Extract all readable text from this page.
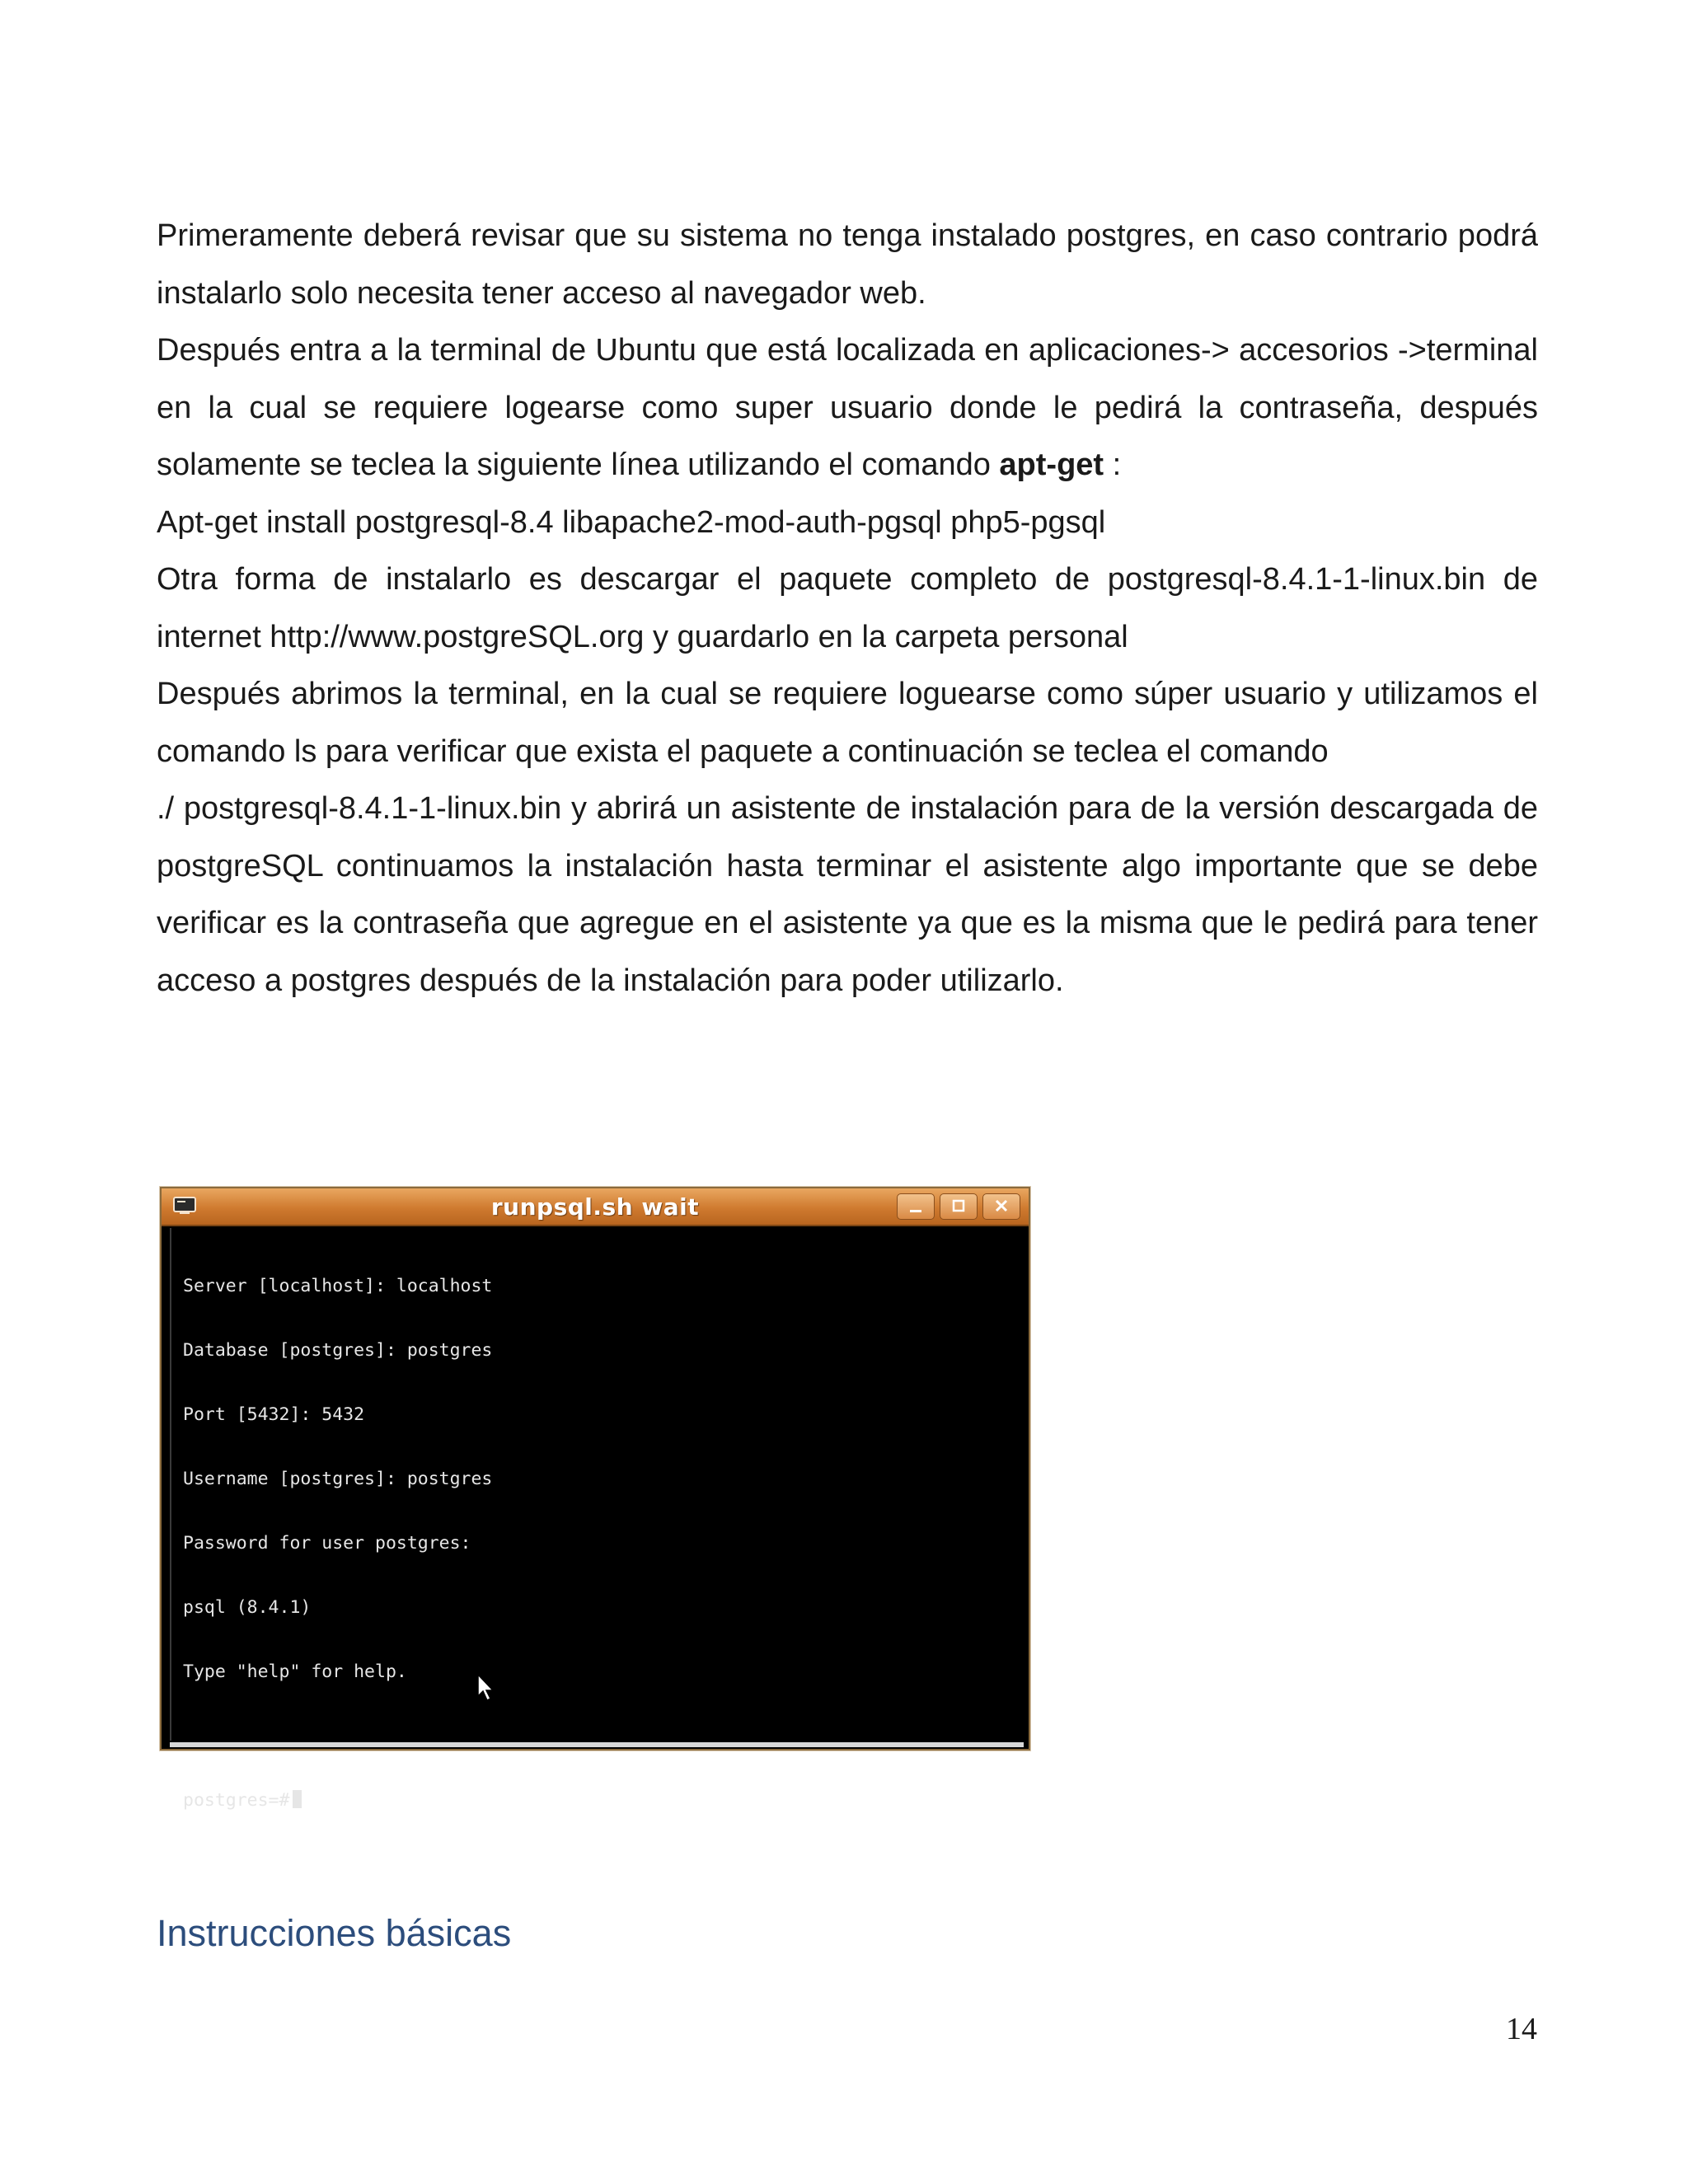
Primeramente deberá revisar que su sistema no tenga instalado postgres, en caso contrario podrá instalarlo solo necesita tener acceso al navegador web.

Después entra a la terminal de Ubuntu que está localizada en aplicaciones-> accesorios ->terminal en la cual se requiere logearse como super usuario donde le pedirá la contraseña, después solamente se teclea la siguiente línea utilizando el comando apt-get :

Apt-get install postgresql-8.4 libapache2-mod-auth-pgsql php5-pgsql

Otra forma de instalarlo es descargar el paquete completo de postgresql-8.4.1-1-linux.bin de internet http://www.postgreSQL.org y guardarlo en la carpeta personal

Después abrimos la terminal, en la cual se requiere loguearse como súper usuario y utilizamos el comando ls para verificar que exista el paquete a continuación se teclea el comando

./ postgresql-8.4.1-1-linux.bin y abrirá un asistente de instalación para de la versión descargada de postgreSQL continuamos la instalación hasta terminar el asistente algo importante que se debe verificar es la contraseña que agregue en el asistente ya que es la misma que le pedirá para tener acceso a postgres después de la instalación para poder utilizarlo.

runpsql.sh wait

Server [localhost]: localhost

Database [postgres]: postgres

Port [5432]: 5432

Username [postgres]: postgres

Password for user postgres:

psql (8.4.1)

Type "help" for help.

postgres=#

Instrucciones básicas
14
